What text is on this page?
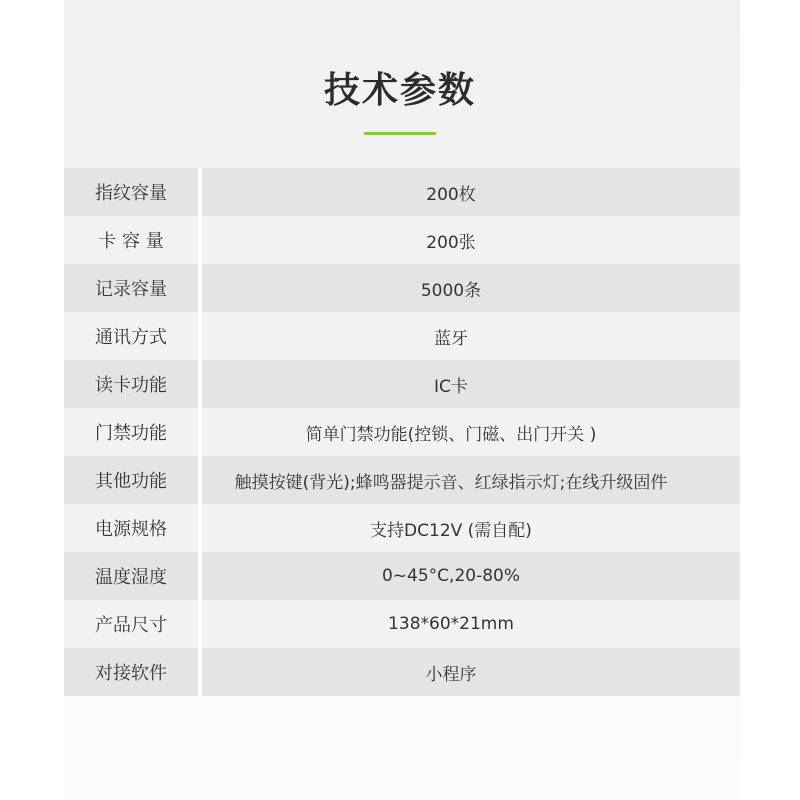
技术参数
指纹容量	200枚
卡 容 量	200张
记录容量	5000条
通讯方式	蓝牙
读卡功能	IC卡
门禁功能	简单门禁功能(控锁、门磁、出门开关 )
其他功能	触摸按键(背光);蜂鸣器提示音、红绿指示灯;在线升级固件
电源规格	支持DC12V (需自配)
温度湿度	0~45°C,20-80%
产品尺寸	138*60*21mm
对接软件	小程序
